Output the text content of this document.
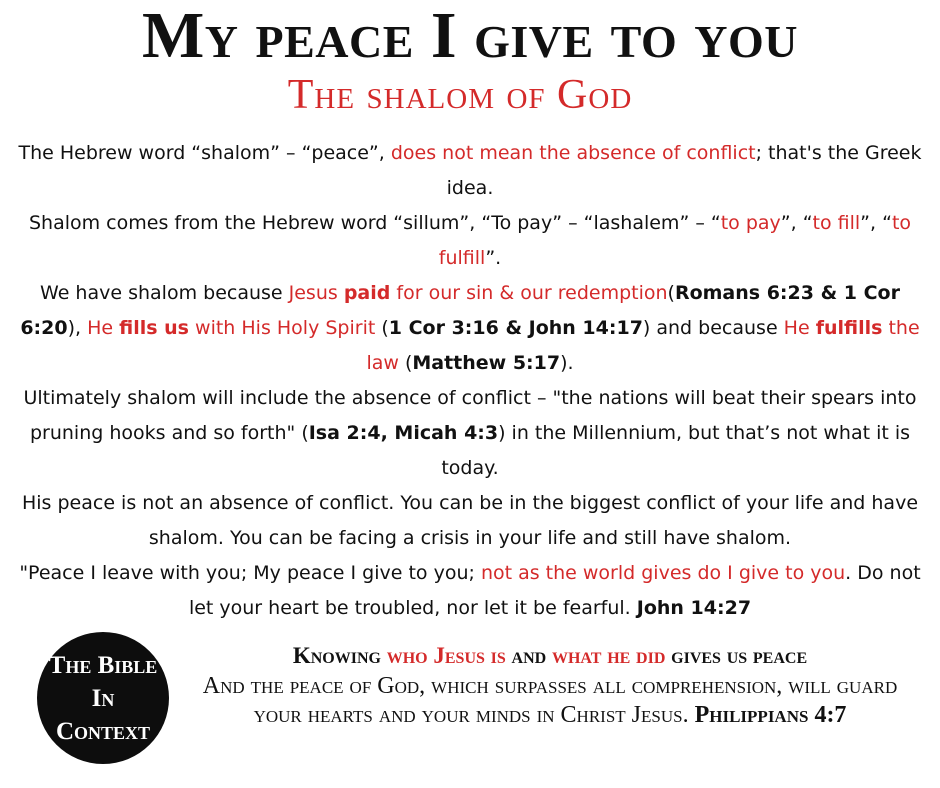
My peace I give to you
The shalom of God

The Hebrew word “shalom” – “peace”, does not mean the absence of conflict; that's the Greek idea.

Shalom comes from the Hebrew word “sillum”, “To pay” – “lashalem” – “to pay”, “to fill”, “to fulfill”.

We have shalom because Jesus paid for our sin & our redemption(Romans 6:23 & 1 Cor 6:20), He fills us with His Holy Spirit (1 Cor 3:16 & John 14:17) and because He fulfills the law (Matthew 5:17).

Ultimately shalom will include the absence of conflict – "the nations will beat their spears into pruning hooks and so forth" (Isa 2:4, Micah 4:3) in the Millennium, but that’s not what it is today.

His peace is not an absence of conflict. You can be in the biggest conflict of your life and have shalom. You can be facing a crisis in your life and still have shalom.

"Peace I leave with you; My peace I give to you; not as the world gives do I give to you. Do not let your heart be troubled, nor let it be fearful. John 14:27

The Bible
In
Context
Knowing who Jesus is and what he did gives us peace
And the peace of God, which surpasses all comprehension, will guard your hearts and your minds in Christ Jesus. Philippians 4:7
